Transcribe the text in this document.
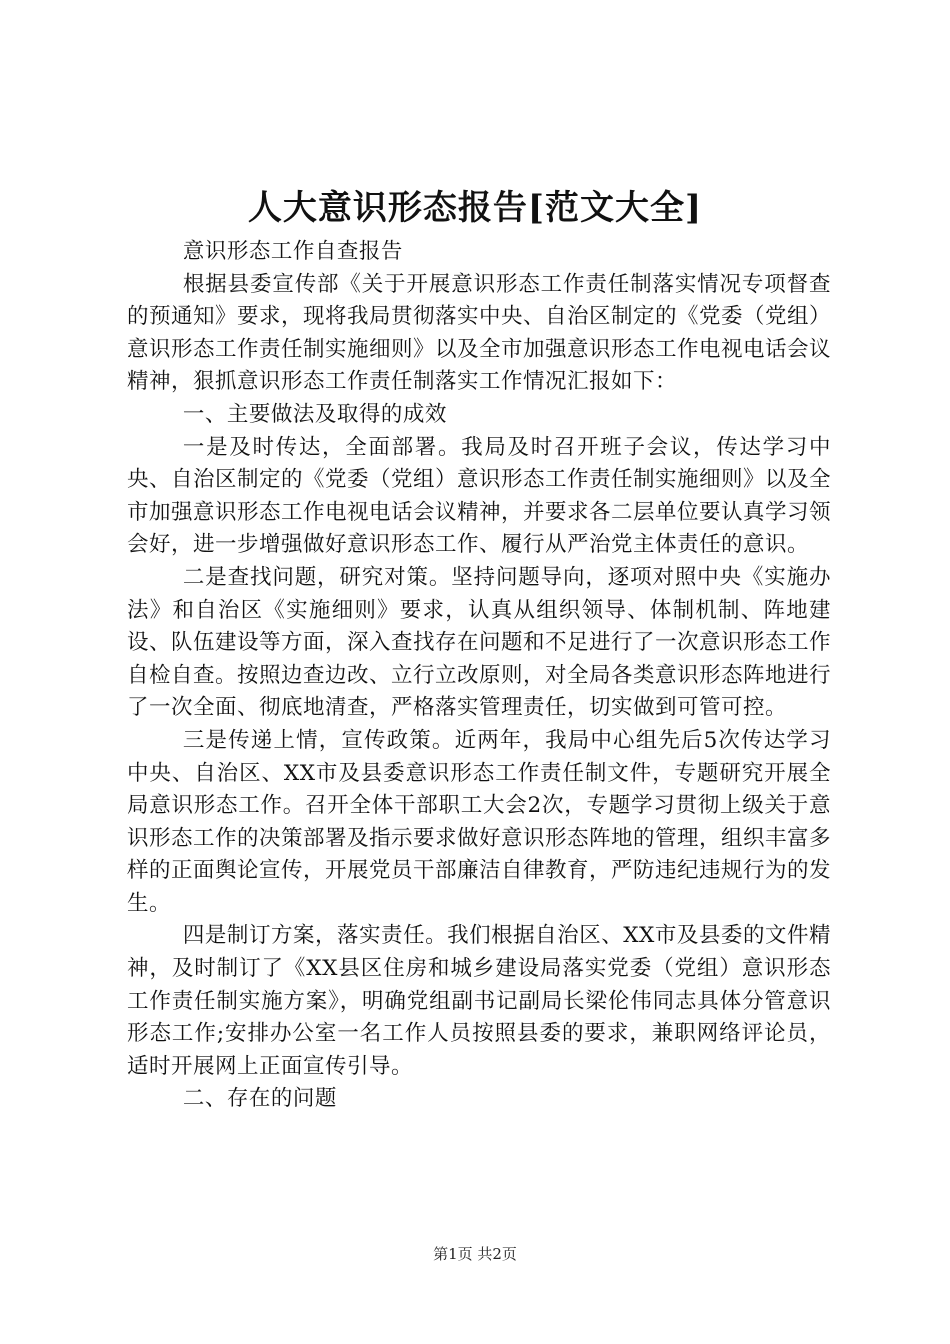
人大意识形态报告[范文大全]

意识形态工作自查报告

根据县委宣传部《关于开展意识形态工作责任制落实情况专项督查的预通知》要求，现将我局贯彻落实中央、自治区制定的《党委（党组）意识形态工作责任制实施细则》以及全市加强意识形态工作电视电话会议精神，狠抓意识形态工作责任制落实工作情况汇报如下：

一、主要做法及取得的成效

一是及时传达，全面部署。我局及时召开班子会议，传达学习中央、自治区制定的《党委（党组）意识形态工作责任制实施细则》以及全市加强意识形态工作电视电话会议精神，并要求各二层单位要认真学习领会好，进一步增强做好意识形态工作、履行从严治党主体责任的意识。

二是查找问题，研究对策。坚持问题导向，逐项对照中央《实施办法》和自治区《实施细则》要求，认真从组织领导、体制机制、阵地建设、队伍建设等方面，深入查找存在问题和不足进行了一次意识形态工作自检自查。按照边查边改、立行立改原则，对全局各类意识形态阵地进行了一次全面、彻底地清查，严格落实管理责任，切实做到可管可控。

三是传递上情，宣传政策。近两年，我局中心组先后5次传达学习中央、自治区、XX市及县委意识形态工作责任制文件，专题研究开展全局意识形态工作。召开全体干部职工大会2次，专题学习贯彻上级关于意识形态工作的决策部署及指示要求做好意识形态阵地的管理，组织丰富多样的正面舆论宣传，开展党员干部廉洁自律教育，严防违纪违规行为的发生。

四是制订方案，落实责任。我们根据自治区、XX市及县委的文件精神，及时制订了《XX县区住房和城乡建设局落实党委（党组）意识形态工作责任制实施方案》，明确党组副书记副局长梁伦伟同志具体分管意识形态工作;安排办公室一名工作人员按照县委的要求，兼职网络评论员，适时开展网上正面宣传引导。

二、存在的问题

第1页 共2页
